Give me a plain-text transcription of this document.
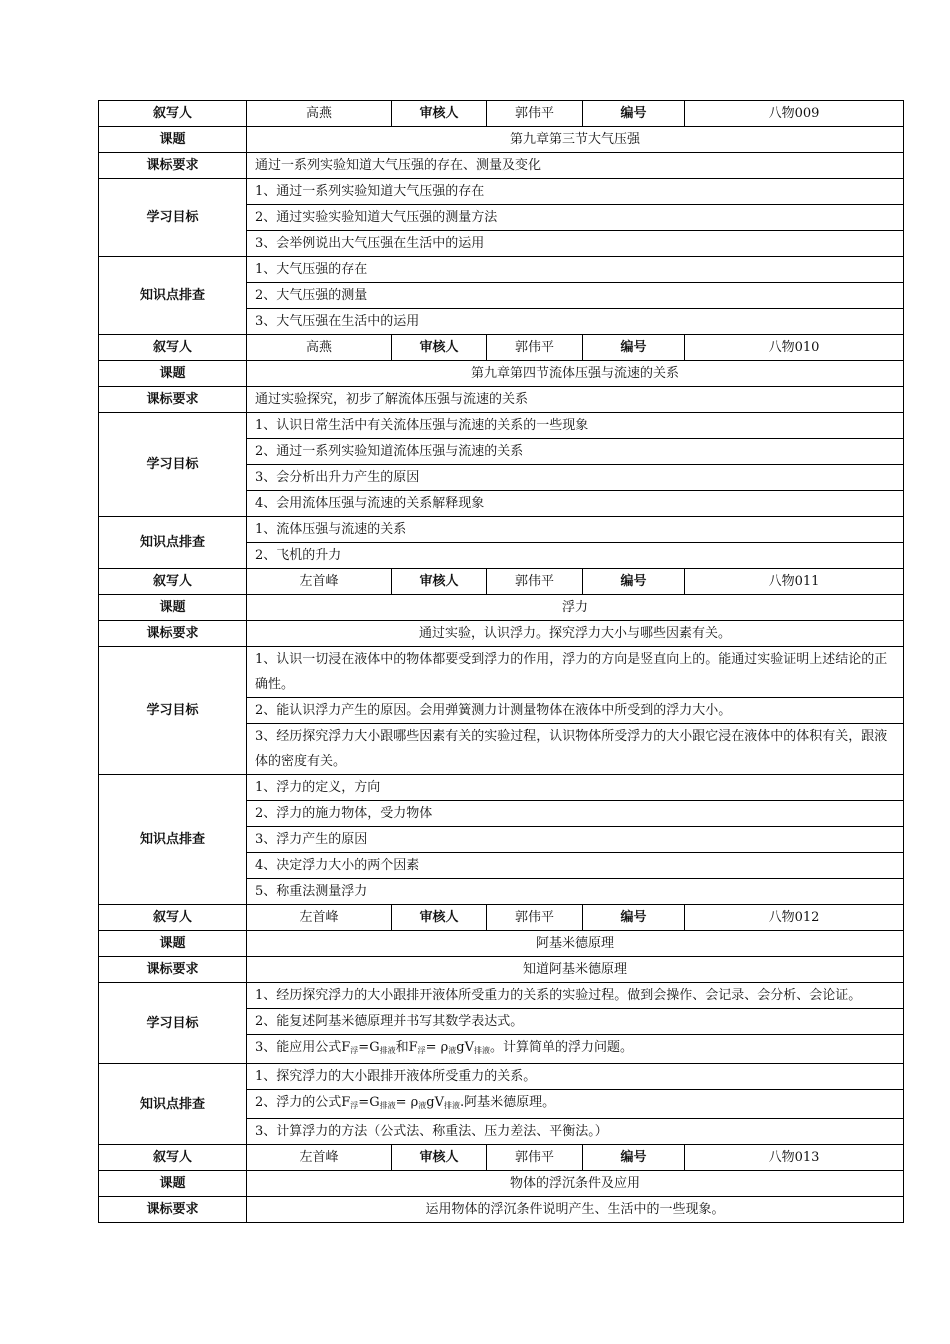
叙写人	高燕	审核人	郭伟平	编号	八物009
课题	第九章第三节大气压强				
课标要求	通过一系列实验知道大气压强的存在、测量及变化				
学习目标	1、通过一系列实验知道大气压强的存在				
	2、通过实验实验知道大气压强的测量方法				
	3、会举例说出大气压强在生活中的运用				
知识点排查	1、大气压强的存在				
	2、大气压强的测量				
	3、大气压强在生活中的运用				
叙写人	高燕	审核人	郭伟平	编号	八物010
课题	第九章第四节流体压强与流速的关系				
课标要求	通过实验探究，初步了解流体压强与流速的关系				
学习目标	1、认识日常生活中有关流体压强与流速的关系的一些现象				
	2、通过一系列实验知道流体压强与流速的关系				
	3、会分析出升力产生的原因				
	4、会用流体压强与流速的关系解释现象				
知识点排查	1、流体压强与流速的关系				
	2、飞机的升力				
叙写人	左首峰	审核人	郭伟平	编号	八物011
课题	浮力				
课标要求	通过实验，认识浮力。探究浮力大小与哪些因素有关。				
学习目标	1、认识一切浸在液体中的物体都要受到浮力的作用，浮力的方向是竖直向上的。能通过实验证明上述结论的正确性。				
	2、能认识浮力产生的原因。会用弹簧测力计测量物体在液体中所受到的浮力大小。				
	3、经历探究浮力大小跟哪些因素有关的实验过程，认识物体所受浮力的大小跟它浸在液体中的体积有关，跟液体的密度有关。				
知识点排查	1、浮力的定义，方向				
	2、浮力的施力物体，受力物体				
	3、浮力产生的原因				
	4、决定浮力大小的两个因素				
	5、称重法测量浮力				
叙写人	左首峰	审核人	郭伟平	编号	八物012
课题	阿基米德原理				
课标要求	知道阿基米德原理				
学习目标	1、经历探究浮力的大小跟排开液体所受重力的关系的实验过程。做到会操作、会记录、会分析、会论证。				
	2、能复述阿基米德原理并书写其数学表达式。				
	3、能应用公式$F_浮=G_{排液}$和$F_浮= \rho_液gV_{排液}$。计算简单的浮力问题。				
知识点排查	1、探究浮力的大小跟排开液体所受重力的关系。				
	2、浮力的公式$F_浮=G_{排液}= \rho_液gV_{排液}$.阿基米德原理。				
	3、计算浮力的方法（公式法、称重法、压力差法、平衡法。）				
叙写人	左首峰	审核人	郭伟平	编号	八物013
课题	物体的浮沉条件及应用				
课标要求	运用物体的浮沉条件说明产生、生活中的一些现象。				
